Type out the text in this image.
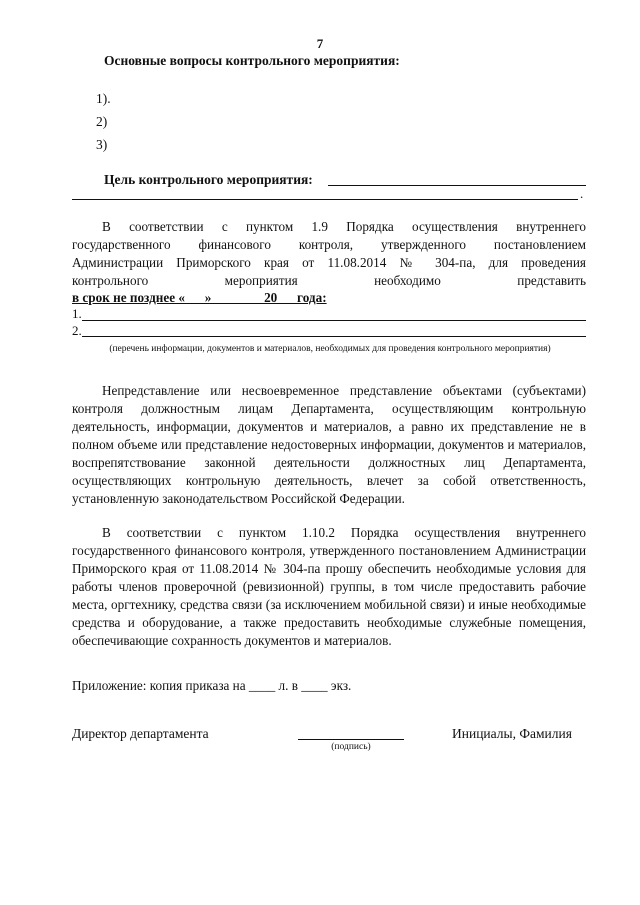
7
Основные вопросы контрольного мероприятия:
1).
2)
3)
Цель контрольного мероприятия:
.
В соответствии с пунктом 1.9 Порядка осуществления внутреннего
государственного финансового контроля, утвержденного постановлением
Администрации Приморского края от 11.08.2014 № 304-па, для проведения
контрольного мероприятия необходимо представить
в срок не позднее «      »                20      года:
1.
2.
(перечень информации, документов и материалов, необходимых для проведения контрольного мероприятия)
Непредставление или несвоевременное представление объектами (субъектами) контроля должностным лицам Департамента, осуществляющим контрольную деятельность, информации, документов и материалов, а равно их представление не в полном объеме или представление недостоверных информации, документов и материалов, воспрепятствование законной деятельности должностных лиц Департамента, осуществляющих контрольную деятельность, влечет за собой ответственность, установленную законодательством Российской Федерации.
В соответствии с пунктом 1.10.2 Порядка осуществления внутреннего государственного финансового контроля, утвержденного постановлением Администрации Приморского края от 11.08.2014 № 304-па прошу обеспечить необходимые условия для работы членов проверочной (ревизионной) группы, в том числе предоставить рабочие места, оргтехнику, средства связи (за исключением мобильной связи) и иные необходимые средства и оборудование, а также предоставить необходимые служебные помещения, обеспечивающие сохранность документов и материалов.
Приложение: копия приказа на ____ л. в ____ экз.
Директор департамента
(подпись)
Инициалы, Фамилия
